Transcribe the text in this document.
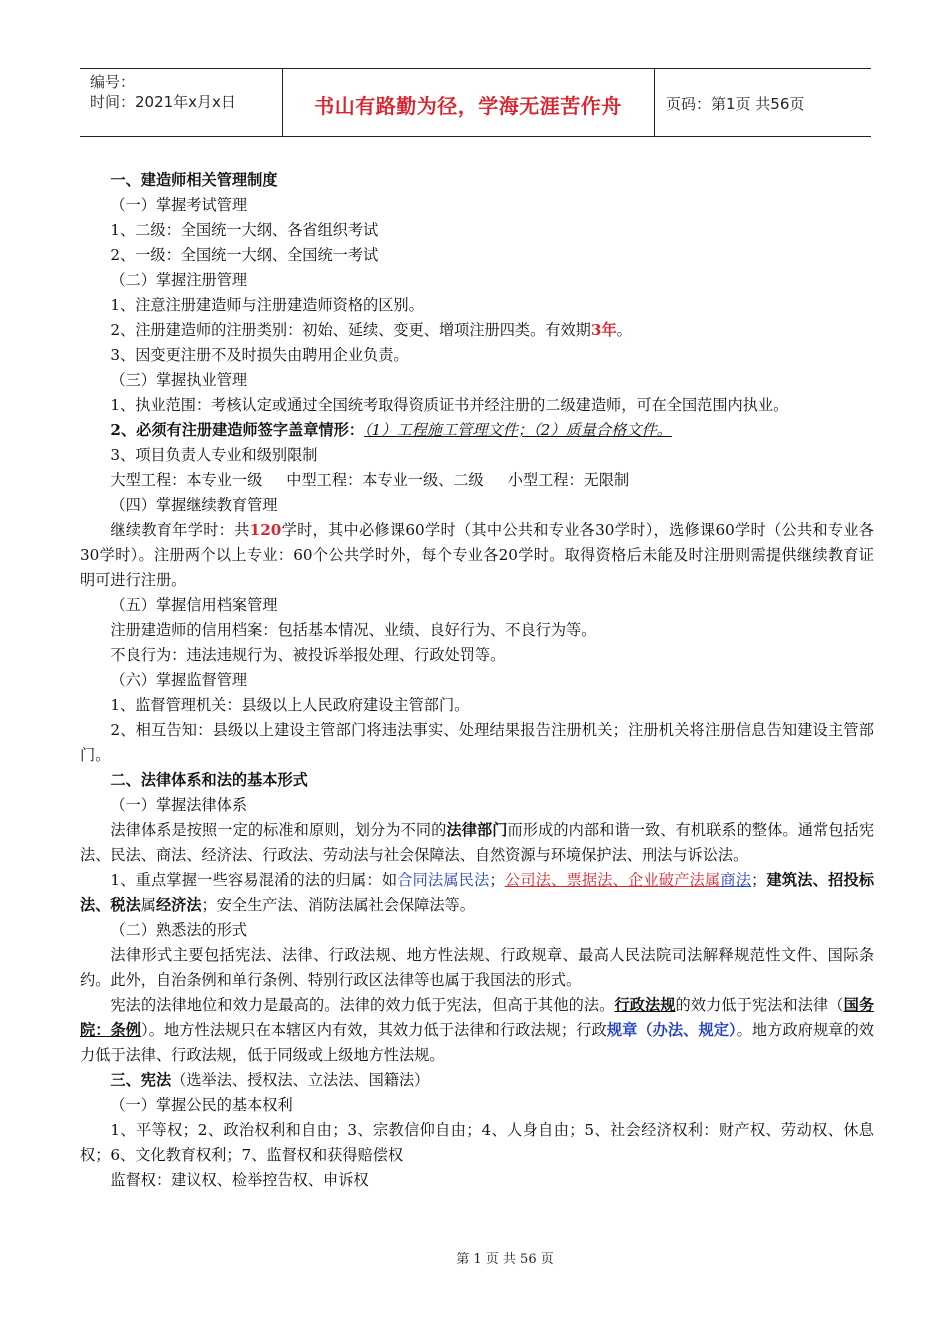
编号：
时间：2021年x月x日	书山有路勤为径，学海无涯苦作舟	页码：第1页 共56页

一、建造师相关管理制度

（一）掌握考试管理

1、二级：全国统一大纲、各省组织考试

2、一级：全国统一大纲、全国统一考试

（二）掌握注册管理

1、注意注册建造师与注册建造师资格的区别。

2、注册建造师的注册类别：初始、延续、变更、增项注册四类。有效期3年。

3、因变更注册不及时损失由聘用企业负责。

（三）掌握执业管理

1、执业范围：考核认定或通过全国统考取得资质证书并经注册的二级建造师，可在全国范围内执业。

2、必须有注册建造师签字盖章情形：（1）工程施工管理文件；（2）质量合格文件。

3、项目负责人专业和级别限制

大型工程：本专业一级 中型工程：本专业一级、二级 小型工程：无限制

（四）掌握继续教育管理

继续教育年学时：共120学时，其中必修课60学时（其中公共和专业各30学时），选修课60学时（公共和专业各30学时）。注册两个以上专业：60个公共学时外，每个专业各20学时。取得资格后未能及时注册则需提供继续教育证明可进行注册。

（五）掌握信用档案管理

注册建造师的信用档案：包括基本情况、业绩、良好行为、不良行为等。

不良行为：违法违规行为、被投诉举报处理、行政处罚等。

（六）掌握监督管理

1、监督管理机关：县级以上人民政府建设主管部门。

2、相互告知：县级以上建设主管部门将违法事实、处理结果报告注册机关；注册机关将注册信息告知建设主管部门。

二、法律体系和法的基本形式

（一）掌握法律体系

法律体系是按照一定的标准和原则，划分为不同的法律部门而形成的内部和谐一致、有机联系的整体。通常包括宪法、民法、商法、经济法、行政法、劳动法与社会保障法、自然资源与环境保护法、刑法与诉讼法。

1、重点掌握一些容易混淆的法的归属：如合同法属民法；公司法、票据法、企业破产法属商法；建筑法、招投标法、税法属经济法；安全生产法、消防法属社会保障法等。

（二）熟悉法的形式

法律形式主要包括宪法、法律、行政法规、地方性法规、行政规章、最高人民法院司法解释规范性文件、国际条约。此外，自治条例和单行条例、特别行政区法律等也属于我国法的形式。

宪法的法律地位和效力是最高的。法律的效力低于宪法，但高于其他的法。行政法规的效力低于宪法和法律（国务院：条例）。地方性法规只在本辖区内有效，其效力低于法律和行政法规；行政规章（办法、规定）。地方政府规章的效力低于法律、行政法规，低于同级或上级地方性法规。

三、宪法（选举法、授权法、立法法、国籍法）

（一）掌握公民的基本权利

1、平等权；2、政治权利和自由；3、宗教信仰自由；4、人身自由；5、社会经济权利：财产权、劳动权、休息权；6、文化教育权利；7、监督权和获得赔偿权

监督权：建议权、检举控告权、申诉权

第 1 页 共 56 页
